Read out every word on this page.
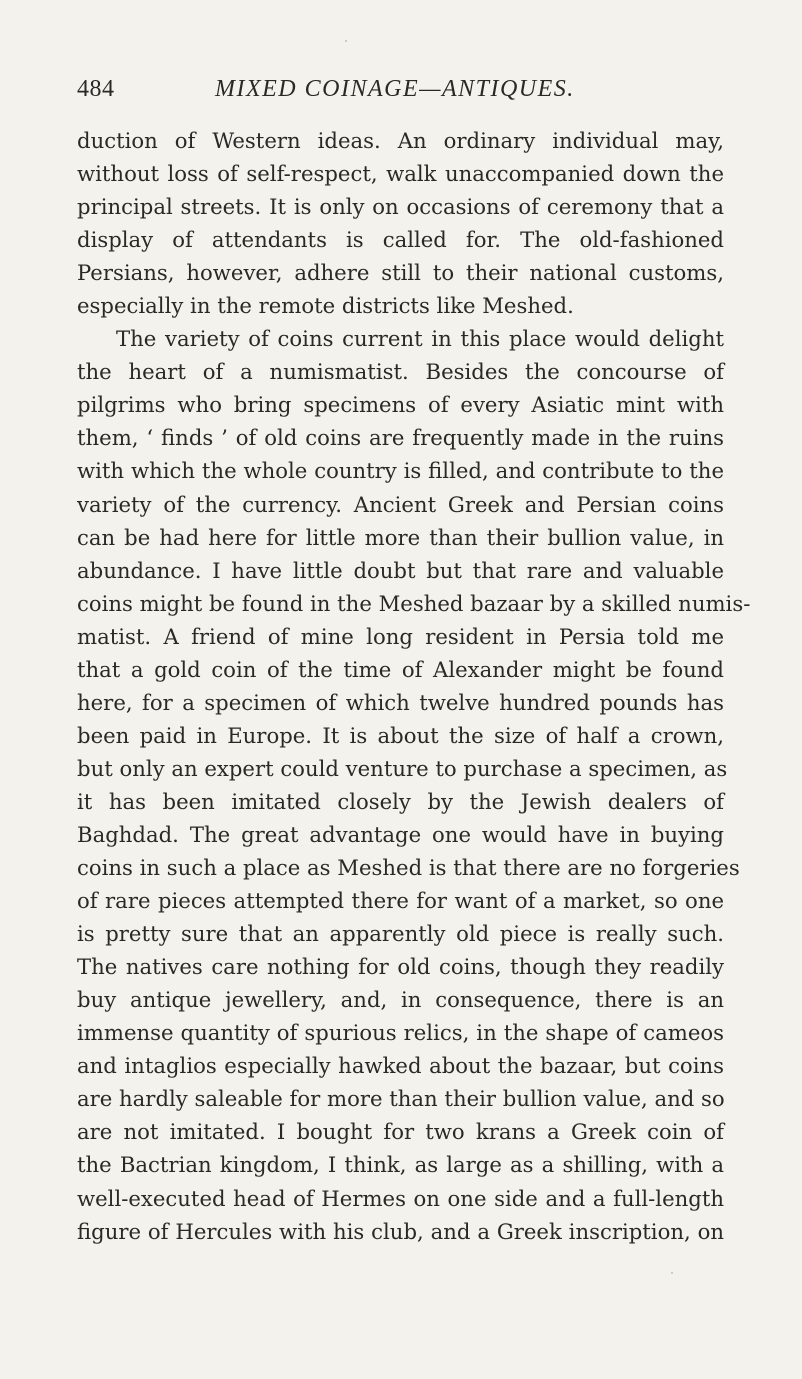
484	MIXED COINAGE—ANTIQUES.
duction of Western ideas. An ordinary individual may,
without loss of self-respect, walk unaccompanied down the
principal streets. It is only on occasions of ceremony that a
display of attendants is called for. The old-fashioned
Persians, however, adhere still to their national customs,
especially in the remote districts like Meshed.
The variety of coins current in this place would delight
the heart of a numismatist. Besides the concourse of
pilgrims who bring specimens of every Asiatic mint with
them, ‘ finds ’ of old coins are frequently made in the ruins
with which the whole country is filled, and contribute to the
variety of the currency. Ancient Greek and Persian coins
can be had here for little more than their bullion value, in
abundance. I have little doubt but that rare and valuable
coins might be found in the Meshed bazaar by a skilled numis-
matist. A friend of mine long resident in Persia told me
that a gold coin of the time of Alexander might be found
here, for a specimen of which twelve hundred pounds has
been paid in Europe. It is about the size of half a crown,
but only an expert could venture to purchase a specimen, as
it has been imitated closely by the Jewish dealers of
Baghdad. The great advantage one would have in buying
coins in such a place as Meshed is that there are no forgeries
of rare pieces attempted there for want of a market, so one
is pretty sure that an apparently old piece is really such.
The natives care nothing for old coins, though they readily
buy antique jewellery, and, in consequence, there is an
immense quantity of spurious relics, in the shape of cameos
and intaglios especially hawked about the bazaar, but coins
are hardly saleable for more than their bullion value, and so
are not imitated. I bought for two krans a Greek coin of
the Bactrian kingdom, I think, as large as a shilling, with a
well-executed head of Hermes on one side and a full-length
figure of Hercules with his club, and a Greek inscription, on
